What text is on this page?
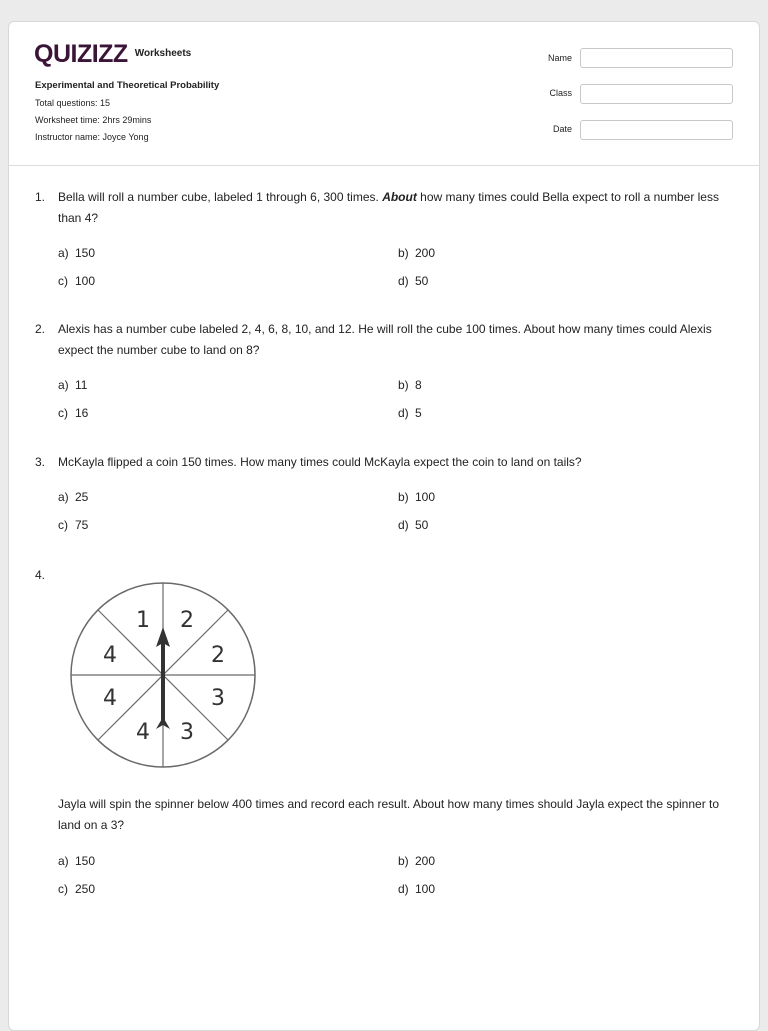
QUIZIZZ Worksheets
Experimental and Theoretical Probability
Total questions: 15
Worksheet time: 2hrs 29mins
Instructor name: Joyce Yong
Name
Class
Date
1. Bella will roll a number cube, labeled 1 through 6, 300 times. About how many times could Bella expect to roll a number less than 4?
a) 150	b) 200
c) 100	d) 50
2. Alexis has a number cube labeled 2, 4, 6, 8, 10, and 12. He will roll the cube 100 times. About how many times could Alexis expect the number cube to land on 8?
a) 11	b) 8
c) 16	d) 5
3. McKayla flipped a coin 150 times. How many times could McKayla expect the coin to land on tails?
a) 25	b) 100
c) 75	d) 50
4.
1 2
2
3
3
4
4
4
Jayla will spin the spinner below 400 times and record each result. About how many times should Jayla expect the spinner to land on a 3?
a) 150	b) 200
c) 250	d) 100
